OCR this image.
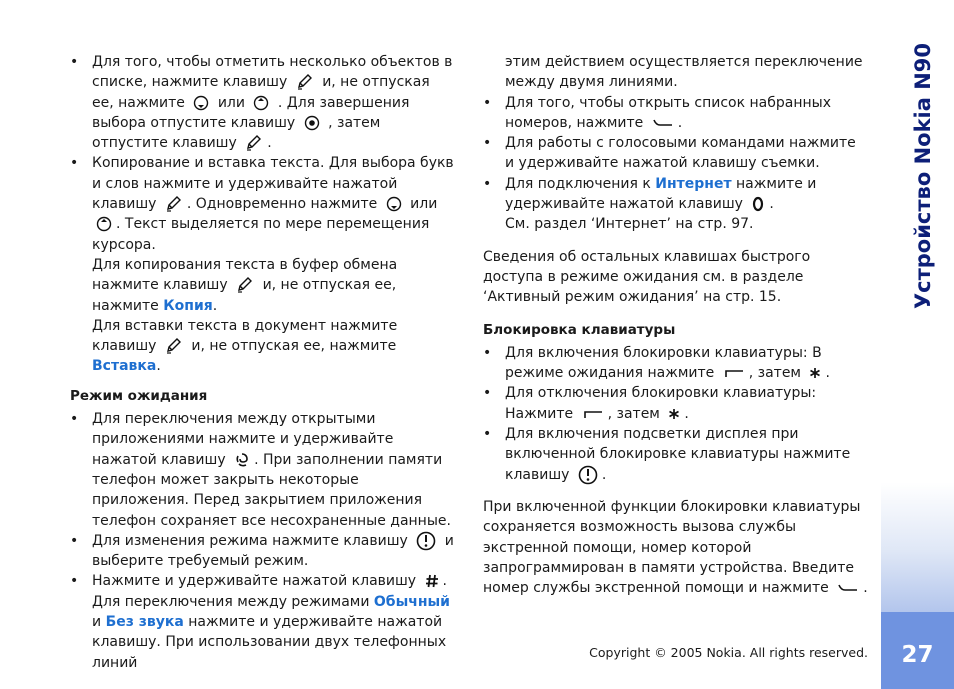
• Для того, чтобы отметить несколько объектов в списке, нажмите клавишу и, не отпуская ее, нажмите или . Для завершения выбора отпустите клавишу , затем отпустите клавишу .

• Копирование и вставка текста. Для выбора букв и слов нажмите и удерживайте нажатой клавишу . Одновременно нажмите или
. Текст выделяется по мере перемещения курсора.
Для копирования текста в буфер обмена нажмите клавишу и, не отпуская ее, нажмите Копия.
Для вставки текста в документ нажмите клавишу и, не отпуская ее, нажмите Вставка.

Режим ожидания

• Для переключения между открытыми приложениями нажмите и удерживайте нажатой клавишу . При заполнении памяти телефон может закрыть некоторые приложения. Перед закрытием приложения телефон сохраняет все несохраненные данные.

• Для изменения режима нажмите клавишу	и выберите требуемый режим.

• Нажмите и удерживайте нажатой клавишу . Для переключения между режимами Обычный и Без звука нажмите и удерживайте нажатой клавишу. При использовании двух телефонных линий

этим действием осуществляется переключение между двумя линиями.

• Для того, чтобы открыть список набранных номеров, нажмите .

• Для работы с голосовыми командами нажмите и удерживайте нажатой клавишу съемки.

• Для подключения к Интернет нажмите и удерживайте нажатой клавишу .
См. раздел ‘Интернет’ на стр. 97.

Сведения об остальных клавишах быстрого доступа в режиме ожидания см. в разделе ‘Активный режим ожидания’ на стр. 15.

Блокировка клавиатуры

• Для включения блокировки клавиатуры: В режиме ожидания нажмите , затем .

• Для отключения блокировки клавиатуры: Нажмите , затем .

• Для включения подсветки дисплея при включенной блокировке клавиатуры нажмите клавишу .

При включенной функции блокировки клавиатуры сохраняется возможность вызова службы экстренной помощи, номер которой запрограммирован в памяти устройства. Введите номер службы экстренной помощи и нажмите .

Устройство Nokia N90
27
Copyright © 2005 Nokia. All rights reserved.
